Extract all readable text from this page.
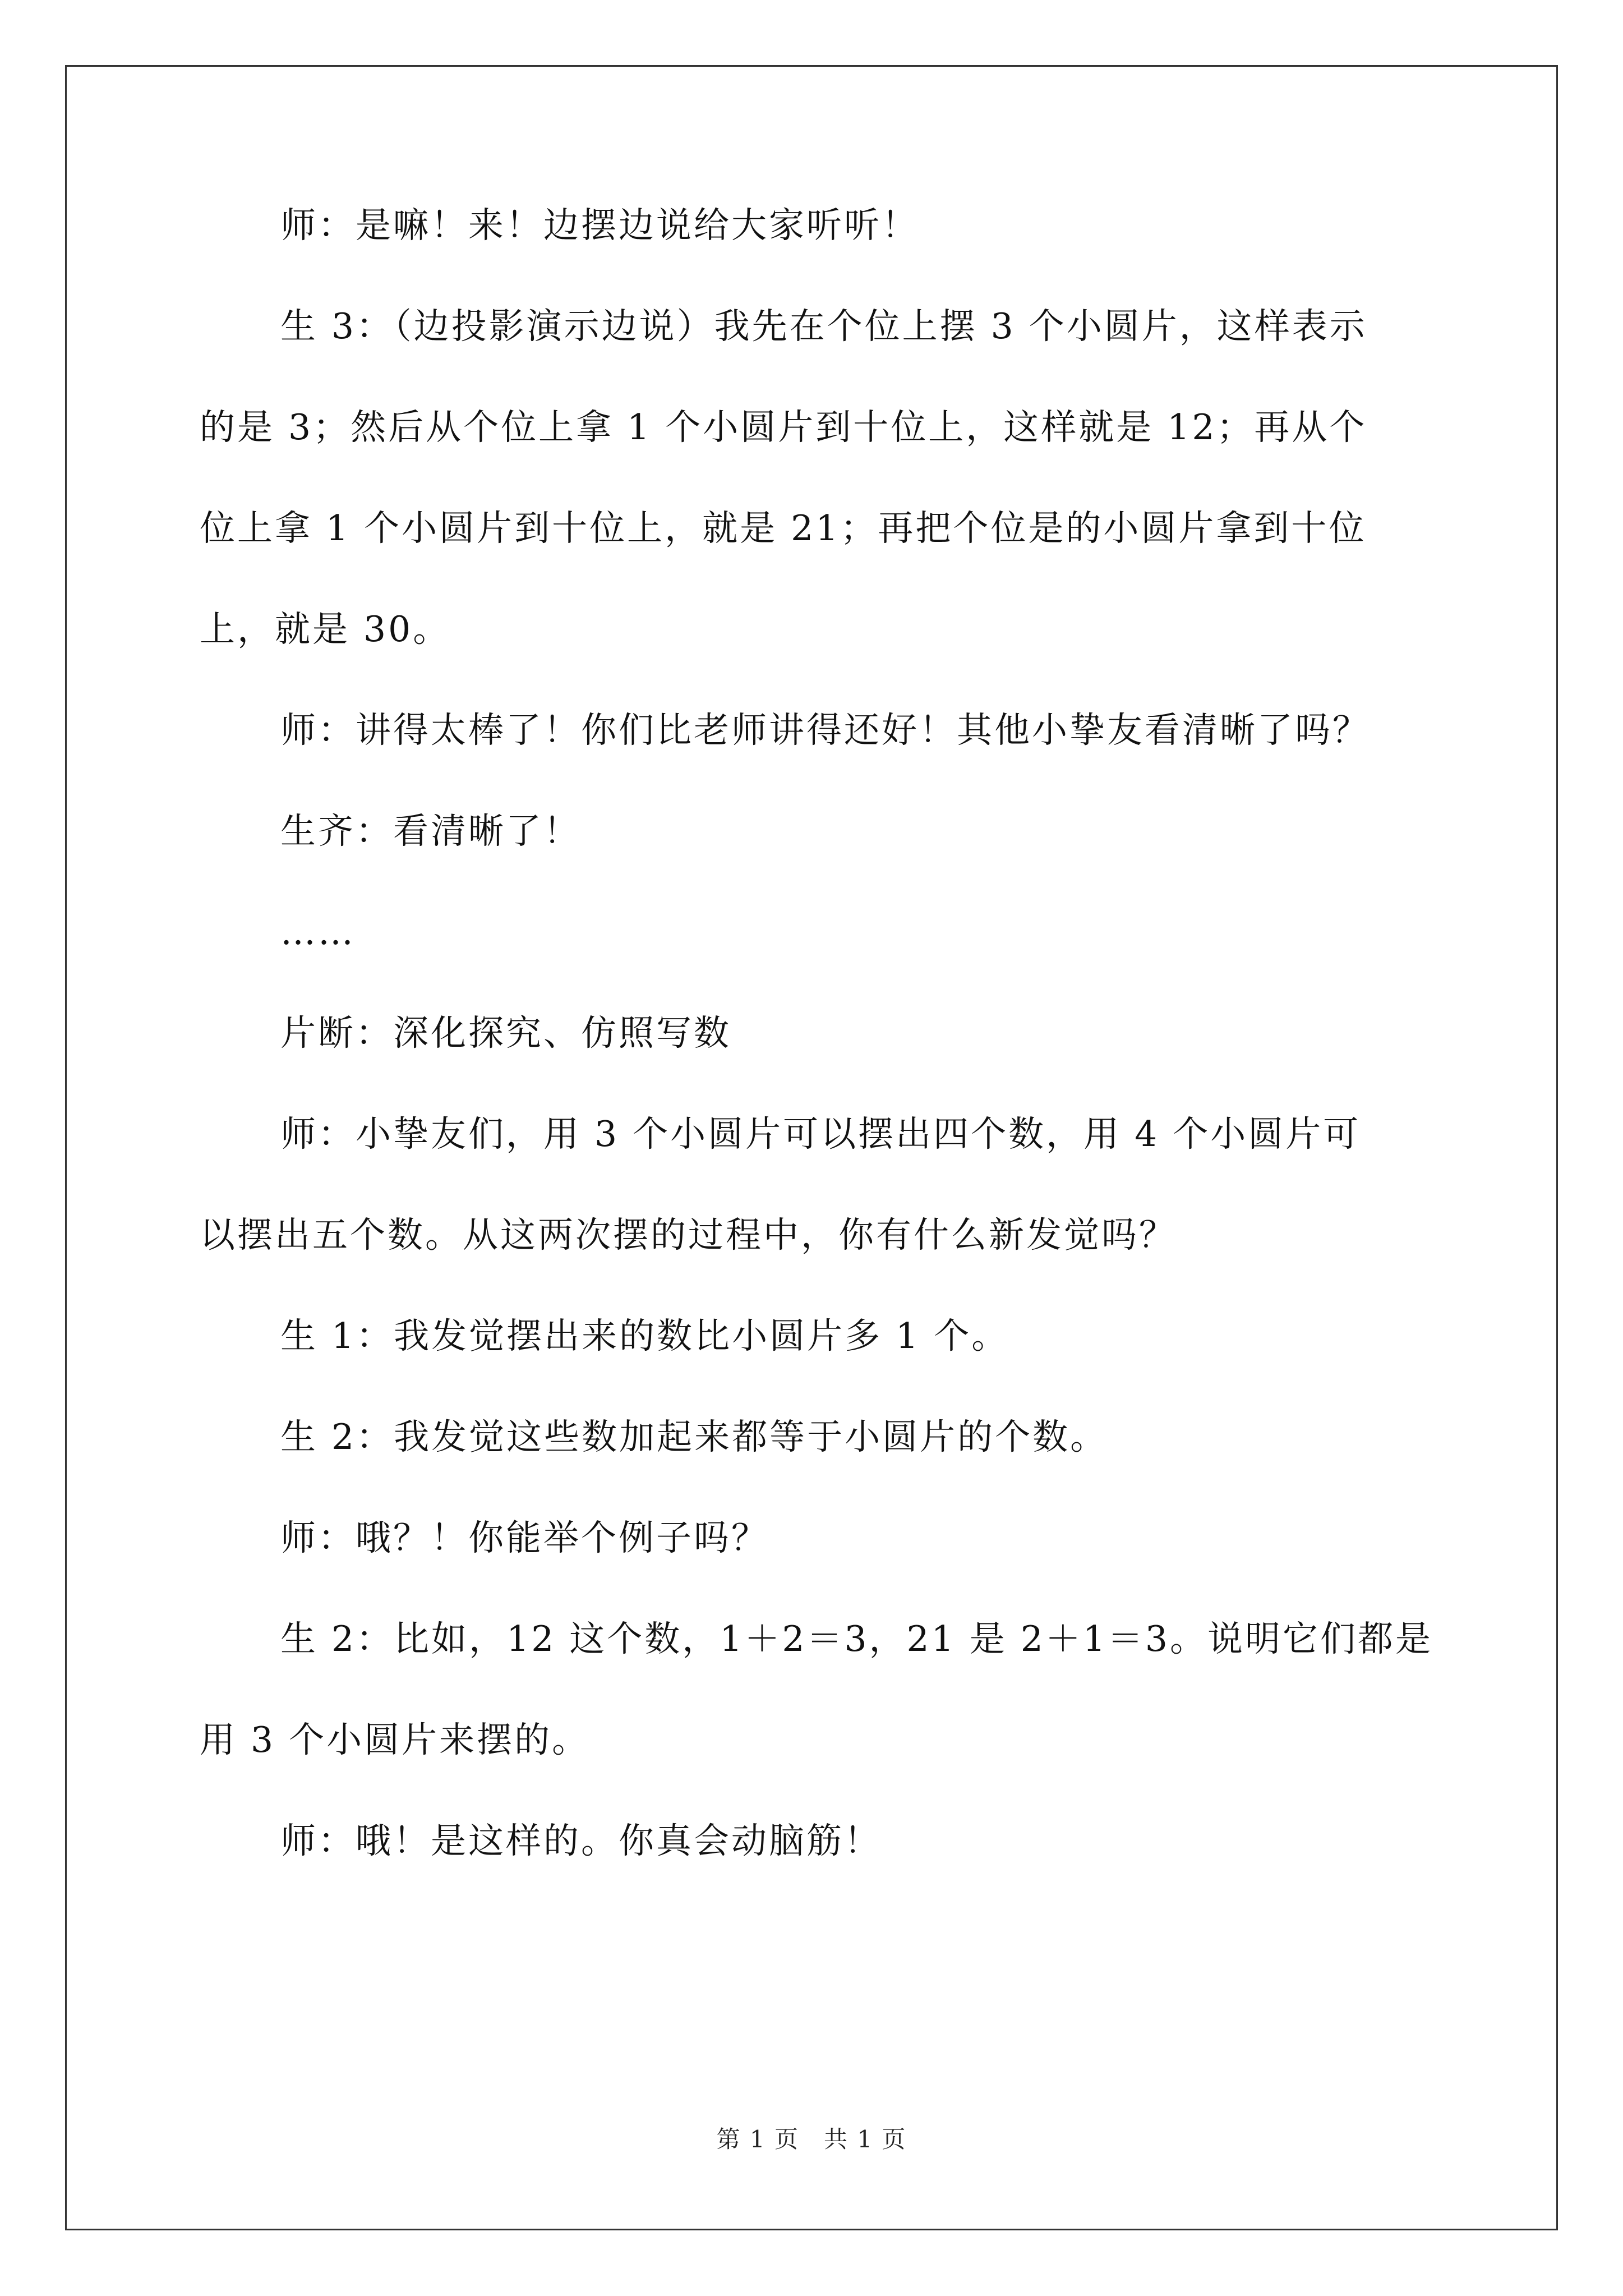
师：是嘛！来！边摆边说给大家听听！

生 3：（边投影演示边说）我先在个位上摆 3 个小圆片，这样表示
的是 3；然后从个位上拿 1 个小圆片到十位上，这样就是 12；再从个
位上拿 1 个小圆片到十位上，就是 21；再把个位是的小圆片拿到十位
上，就是 30。

师：讲得太棒了！你们比老师讲得还好！其他小挚友看清晰了吗？

生齐：看清晰了！

……

片断：深化探究、仿照写数

师：小挚友们，用 3 个小圆片可以摆出四个数，用 4 个小圆片可
以摆出五个数。从这两次摆的过程中，你有什么新发觉吗？

生 1：我发觉摆出来的数比小圆片多 1 个。

生 2：我发觉这些数加起来都等于小圆片的个数。

师：哦？！你能举个例子吗？

生 2：比如，12 这个数，1＋2＝3，21 是 2＋1＝3。说明它们都是
用 3 个小圆片来摆的。

师：哦！是这样的。你真会动脑筋！

第 1 页　共 1 页
